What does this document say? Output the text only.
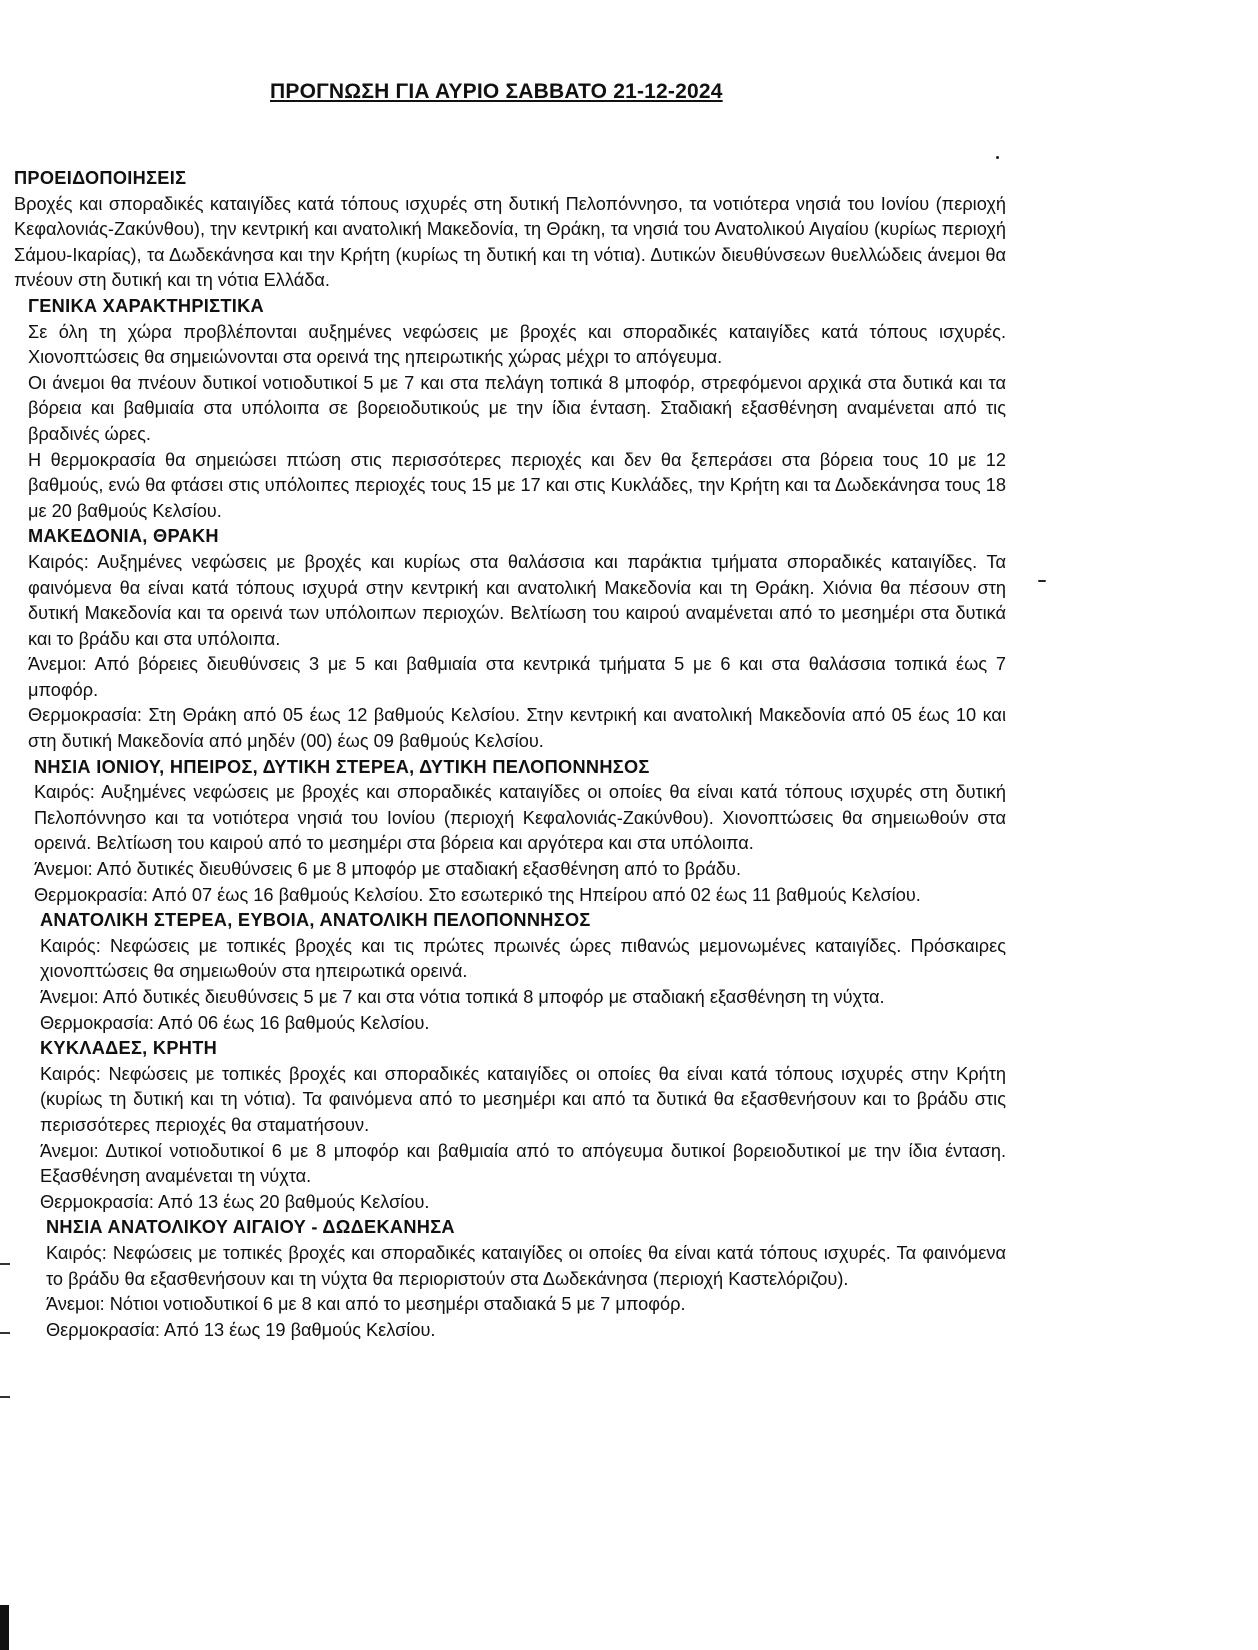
ΠΡΟΓΝΩΣΗ ΓΙΑ ΑΥΡΙΟ ΣΑΒΒΑΤΟ 21-12-2024

ΠΡΟΕΙΔΟΠΟΙΗΣΕΙΣ

Βροχές και σποραδικές καταιγίδες κατά τόπους ισχυρές στη δυτική Πελοπόννησο, τα νοτιότερα νησιά του Ιονίου (περιοχή Κεφαλονιάς-Ζακύνθου), την κεντρική και ανατολική Μακεδονία, τη Θράκη, τα νησιά του Ανατολικού Αιγαίου (κυρίως περιοχή Σάμου-Ικαρίας), τα Δωδεκάνησα και την Κρήτη (κυρίως τη δυτική και τη νότια). Δυτικών διευθύνσεων θυελλώδεις άνεμοι θα πνέουν στη δυτική και τη νότια Ελλάδα.

ΓΕΝΙΚΑ ΧΑΡΑΚΤΗΡΙΣΤΙΚΑ

Σε όλη τη χώρα προβλέπονται αυξημένες νεφώσεις με βροχές και σποραδικές καταιγίδες κατά τόπους ισχυρές. Χιονοπτώσεις θα σημειώνονται στα ορεινά της ηπειρωτικής χώρας μέχρι το απόγευμα.

Οι άνεμοι θα πνέουν δυτικοί νοτιοδυτικοί 5 με 7 και στα πελάγη τοπικά 8 μποφόρ, στρεφόμενοι αρχικά στα δυτικά και τα βόρεια και βαθμιαία στα υπόλοιπα σε βορειοδυτικούς με την ίδια ένταση. Σταδιακή εξασθένηση αναμένεται από τις βραδινές ώρες.

Η θερμοκρασία θα σημειώσει πτώση στις περισσότερες περιοχές και δεν θα ξεπεράσει στα βόρεια τους 10 με 12 βαθμούς, ενώ θα φτάσει στις υπόλοιπες περιοχές τους 15 με 17 και στις Κυκλάδες, την Κρήτη και τα Δωδεκάνησα τους 18 με 20 βαθμούς Κελσίου.

ΜΑΚΕΔΟΝΙΑ, ΘΡΑΚΗ

Καιρός: Αυξημένες νεφώσεις με βροχές και κυρίως στα θαλάσσια και παράκτια τμήματα σποραδικές καταιγίδες. Τα φαινόμενα θα είναι κατά τόπους ισχυρά στην κεντρική και ανατολική Μακεδονία και τη Θράκη. Χιόνια θα πέσουν στη δυτική Μακεδονία και τα ορεινά των υπόλοιπων περιοχών. Βελτίωση του καιρού αναμένεται από το μεσημέρι στα δυτικά και το βράδυ και στα υπόλοιπα.

Άνεμοι: Από βόρειες διευθύνσεις 3 με 5 και βαθμιαία στα κεντρικά τμήματα 5 με 6 και στα θαλάσσια τοπικά έως 7 μποφόρ.

Θερμοκρασία: Στη Θράκη από 05 έως 12 βαθμούς Κελσίου. Στην κεντρική και ανατολική Μακεδονία από 05 έως 10 και στη δυτική Μακεδονία από μηδέν (00) έως 09 βαθμούς Κελσίου.

ΝΗΣΙΑ ΙΟΝΙΟΥ, ΗΠΕΙΡΟΣ, ΔΥΤΙΚΗ ΣΤΕΡΕΑ, ΔΥΤΙΚΗ ΠΕΛΟΠΟΝΝΗΣΟΣ

Καιρός: Αυξημένες νεφώσεις με βροχές και σποραδικές καταιγίδες οι οποίες θα είναι κατά τόπους ισχυρές στη δυτική Πελοπόννησο και τα νοτιότερα νησιά του Ιονίου (περιοχή Κεφαλονιάς-Ζακύνθου). Χιονοπτώσεις θα σημειωθούν στα ορεινά. Βελτίωση του καιρού από το μεσημέρι στα βόρεια και αργότερα και στα υπόλοιπα.

Άνεμοι: Από δυτικές διευθύνσεις 6 με 8 μποφόρ με σταδιακή εξασθένηση από το βράδυ.

Θερμοκρασία: Από 07 έως 16 βαθμούς Κελσίου. Στο εσωτερικό της Ηπείρου από 02 έως 11 βαθμούς Κελσίου.

ΑΝΑΤΟΛΙΚΗ ΣΤΕΡΕΑ, ΕΥΒΟΙΑ, ΑΝΑΤΟΛΙΚΗ ΠΕΛΟΠΟΝΝΗΣΟΣ

Καιρός: Νεφώσεις με τοπικές βροχές και τις πρώτες πρωινές ώρες πιθανώς μεμονωμένες καταιγίδες. Πρόσκαιρες χιονοπτώσεις θα σημειωθούν στα ηπειρωτικά ορεινά.

Άνεμοι: Από δυτικές διευθύνσεις 5 με 7 και στα νότια τοπικά 8 μποφόρ με σταδιακή εξασθένηση τη νύχτα.

Θερμοκρασία: Από 06 έως 16 βαθμούς Κελσίου.

ΚΥΚΛΑΔΕΣ, ΚΡΗΤΗ

Καιρός: Νεφώσεις με τοπικές βροχές και σποραδικές καταιγίδες οι οποίες θα είναι κατά τόπους ισχυρές στην Κρήτη (κυρίως τη δυτική και τη νότια). Τα φαινόμενα από το μεσημέρι και από τα δυτικά θα εξασθενήσουν και το βράδυ στις περισσότερες περιοχές θα σταματήσουν.

Άνεμοι: Δυτικοί νοτιοδυτικοί 6 με 8 μποφόρ και βαθμιαία από το απόγευμα δυτικοί βορειοδυτικοί με την ίδια ένταση. Εξασθένηση αναμένεται τη νύχτα.

Θερμοκρασία: Από 13 έως 20 βαθμούς Κελσίου.

ΝΗΣΙΑ ΑΝΑΤΟΛΙΚΟΥ ΑΙΓΑΙΟΥ - ΔΩΔΕΚΑΝΗΣΑ

Καιρός: Νεφώσεις με τοπικές βροχές και σποραδικές καταιγίδες οι οποίες θα είναι κατά τόπους ισχυρές. Τα φαινόμενα το βράδυ θα εξασθενήσουν και τη νύχτα θα περιοριστούν στα Δωδεκάνησα (περιοχή Καστελόριζου).

Άνεμοι: Νότιοι νοτιοδυτικοί 6 με 8 και από το μεσημέρι σταδιακά 5 με 7 μποφόρ.

Θερμοκρασία: Από 13 έως 19 βαθμούς Κελσίου.
